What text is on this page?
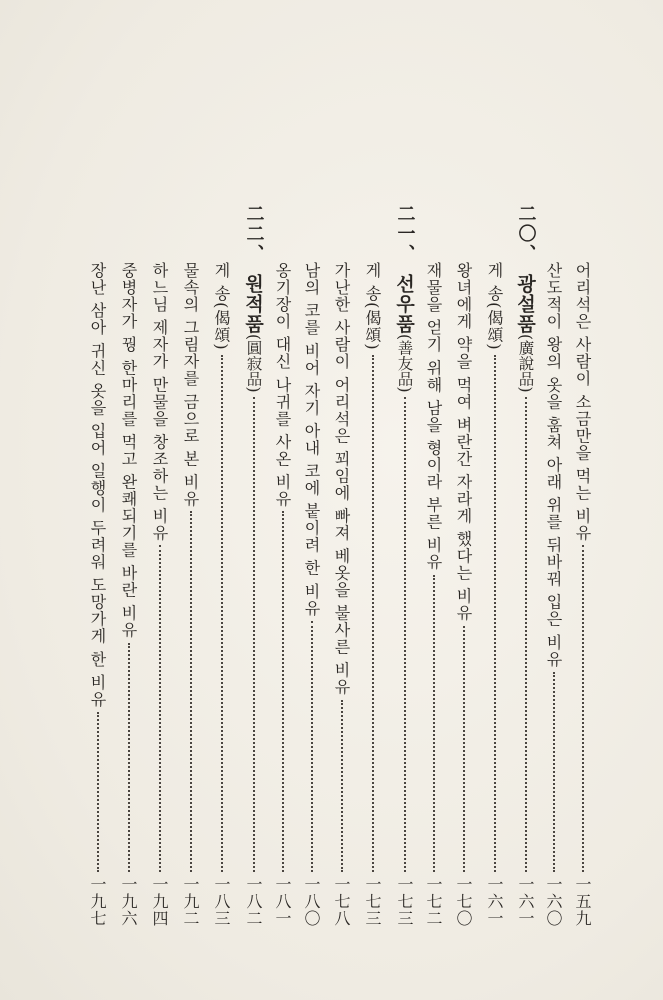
어리석은 사람이 소금만을 먹는 비유
一五九
산도적이 왕의 옷을 훔쳐 아래 위를 뒤바꿔 입은 비유
一六〇
二〇、
광설품
(廣說品)
一六一
게 송(偈頌)
一六一
왕녀에게 약을 먹여 벼란간 자라게 했다는 비유
一七〇
재물을 얻기 위해 남을 형이라 부른 비유
一七二
二一、
선우품
(善友品)
一七三
게 송(偈頌)
一七三
가난한 사람이 어리석은 꾀임에 빠져 베옷을 불사른 비유
一七八
남의 코를 비어 자기 아내 코에 붙이려 한 비유
一八〇
옹기장이 대신 나귀를 사온 비유
一八一
二二、
원적품
(圓寂品)
一八二
게 송(偈頌)
一八三
물속의 그림자를 금으로 본 비유
一九二
하느님 제자가 만물을 창조하는 비유
一九四
중병자가 꿩 한마리를 먹고 완쾌되기를 바란 비유
一九六
장난 삼아 귀신 옷을 입어 일행이 두려워 도망가게 한 비유
一九七
